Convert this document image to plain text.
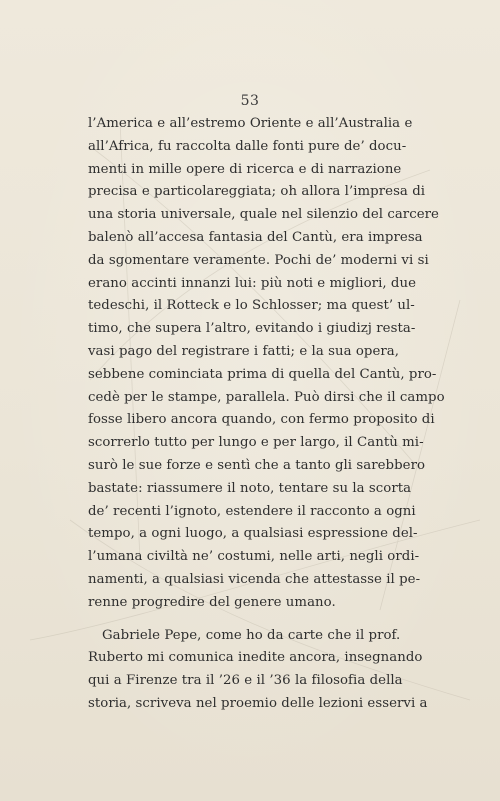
53
l’America e all’estremo Oriente e all’Australia e
all’Africa, fu raccolta dalle fonti pure de’ docu-
menti in mille opere di ricerca e di narrazione
precisa e particolareggiata; oh allora l’impresa di
una storia universale, quale nel silenzio del carcere
balenò all’accesa fantasia del Cantù, era impresa
da sgomentare veramente. Pochi de’ moderni vi si
erano accinti innanzi lui: più noti e migliori, due
tedeschi, il Rotteck e lo Schlosser; ma quest’ ul-
timo, che supera l’altro, evitando i giudizj resta-
vasi pago del registrare i fatti; e la sua opera,
sebbene cominciata prima di quella del Cantù, pro-
cedè per le stampe, parallela. Può dirsi che il campo
fosse libero ancora quando, con fermo proposito di
scorrerlo tutto per lungo e per largo, il Cantù mi-
surò le sue forze e sentì che a tanto gli sarebbero
bastate: riassumere il noto, tentare su la scorta
de’ recenti l’ignoto, estendere il racconto a ogni
tempo, a ogni luogo, a qualsiasi espressione del-
l’umana civiltà ne’ costumi, nelle arti, negli ordi-
namenti, a qualsiasi vicenda che attestasse il pe-
renne progredire del genere umano.
Gabriele Pepe, come ho da carte che il prof.
Ruberto mi comunica inedite ancora, insegnando
qui a Firenze tra il ’26 e il ’36 la filosofia della
storia, scriveva nel proemio delle lezioni esservi a
